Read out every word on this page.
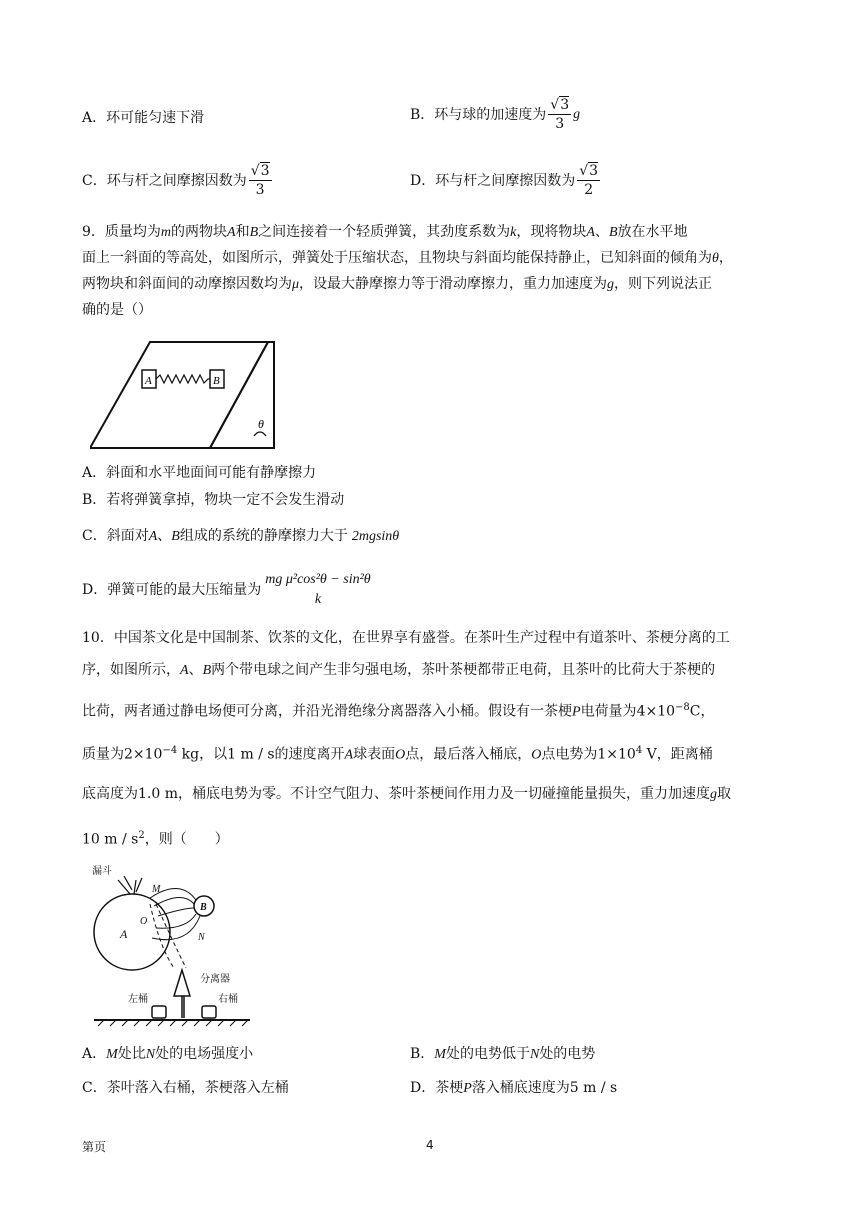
A．环可能匀速下滑	B．环与球的加速度为 $\frac{√3}{3}$ g
C．环与杆之间摩擦因数为 $\frac{√3}{3}$	D．环与杆之间摩擦因数为 $\frac{√3}{2}$
9．质量均为m的两物块A和B之间连接着一个轻质弹簧，其劲度系数为k，现将物块A、B放在水平地
面上一斜面的等高处，如图所示，弹簧处于压缩状态，且物块与斜面均能保持静止，已知斜面的倾角为θ，
两物块和斜面间的动摩擦因数均为μ，设最大静摩擦力等于滑动摩擦力，重力加速度为g，则下列说法正
确的是（）
A	B
θ
A．斜面和水平地面间可能有静摩擦力
B．若将弹簧拿掉，物块一定不会发生滑动
C．斜面对A、B组成的系统的静摩擦力大于 2mgsinθ
D．弹簧可能的最大压缩量为
mg μ²cos²θ − sin²θ
k
10．中国茶文化是中国制茶、饮茶的文化，在世界享有盛誉。在茶叶生产过程中有道茶叶、茶梗分离的工
序，如图所示，A、B两个带电球之间产生非匀强电场，茶叶茶梗都带正电荷，且茶叶的比荷大于茶梗的
比荷，两者通过静电场便可分离，并沿光滑绝缘分离器落入小桶。假设有一茶梗P电荷量为$4\times 10^{-8}C$，
质量为$2\times 10^{-4}$ kg，以1 m / s的速度离开A球表面O点，最后落入桶底，O点电势为$1\times 10^4$ V，距离桶
底高度为1.0 m，桶底电势为零。不计空气阻力、茶叶茶梗间作用力及一切碰撞能量损失，重力加速度g取
10 m / $s^2$，则（　　）
漏斗
M
B
A
O
N
分离器
左桶	右桶
A．M处比N处的电场强度小	B．M处的电势低于N处的电势
C．茶叶落入右桶，茶梗落入左桶	D．茶梗P落入桶底速度为5 m / s
第页	4
